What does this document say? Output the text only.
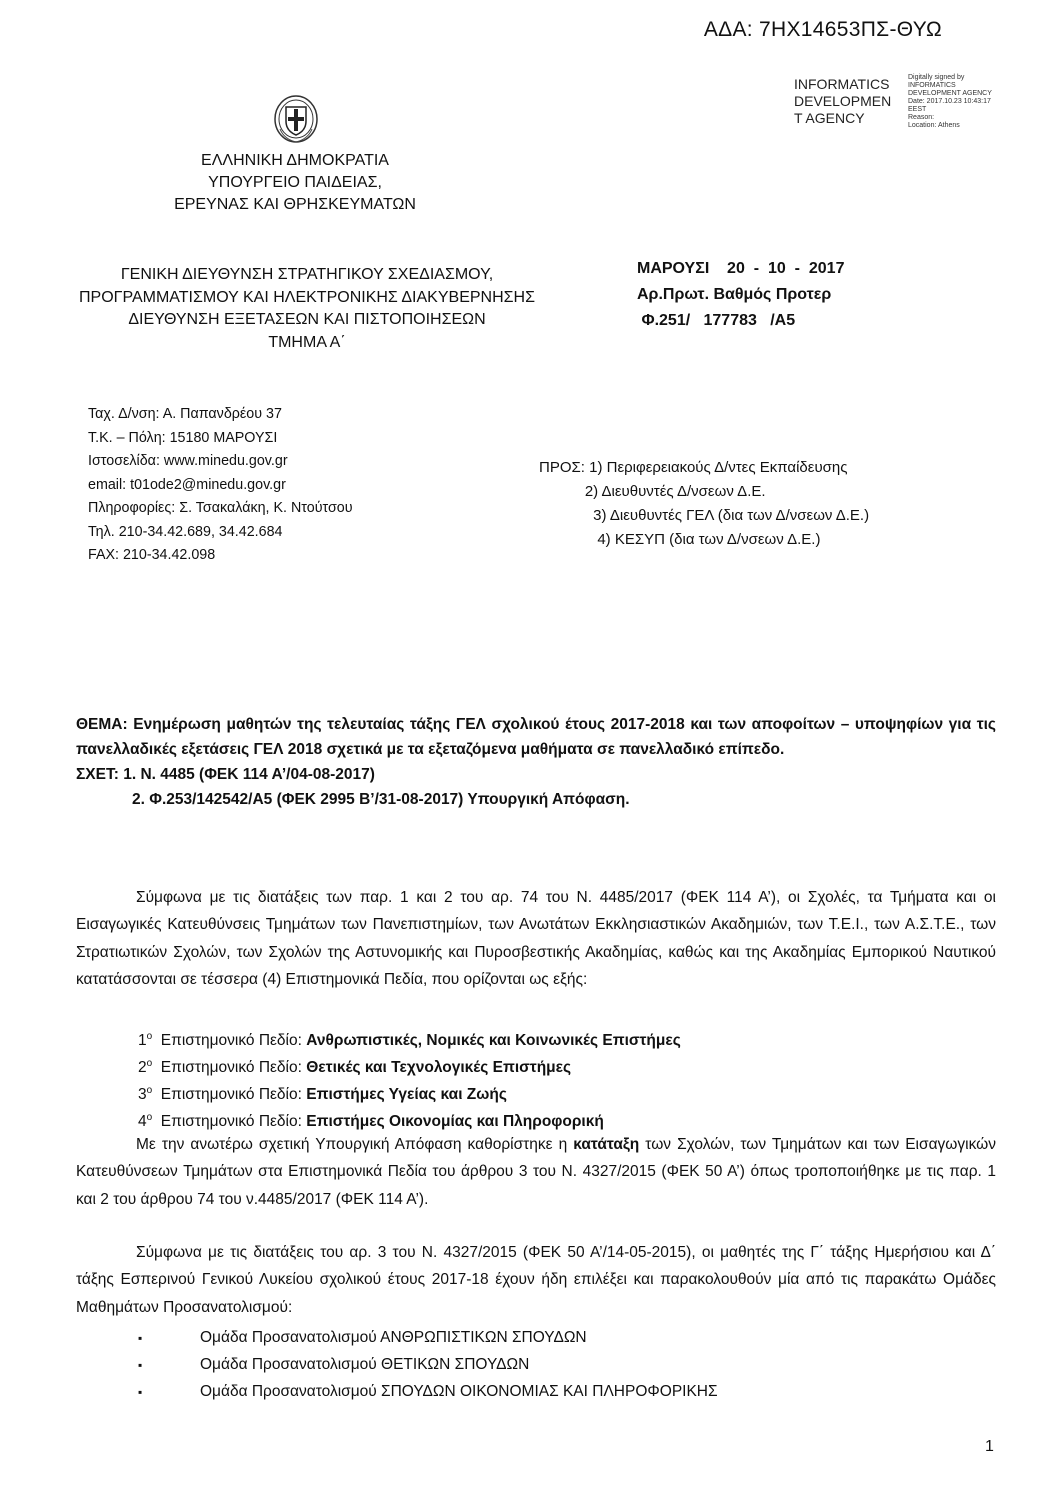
ΑΔΑ: 7ΗΧ14653ΠΣ-ΘΥΩ
INFORMATICS
DEVELOPMEN
T AGENCY
Digitally signed by
INFORMATICS
DEVELOPMENT AGENCY
Date: 2017.10.23 10:43:17
EEST
Reason:
Location: Athens
ΕΛΛΗΝΙΚΗ ΔΗΜΟΚΡΑΤΙΑ
ΥΠΟΥΡΓΕΙΟ ΠΑΙΔΕΙΑΣ,
ΕΡΕΥΝΑΣ ΚΑΙ ΘΡΗΣΚΕΥΜΑΤΩΝ
ΓΕΝΙΚΗ ΔΙΕΥΘΥΝΣΗ ΣΤΡΑΤΗΓΙΚΟΥ ΣΧΕΔΙΑΣΜΟΥ,
ΠΡΟΓΡΑΜΜΑΤΙΣΜΟΥ ΚΑΙ ΗΛΕΚΤΡΟΝΙΚΗΣ ΔΙΑΚΥΒΕΡΝΗΣΗΣ
ΔΙΕΥΘΥΝΣΗ ΕΞΕΤΑΣΕΩΝ ΚΑΙ ΠΙΣΤΟΠΟΙΗΣΕΩΝ
ΤΜΗΜΑ Α΄
ΜΑΡΟΥΣΙ    20  -  10  -  2017
Αρ.Πρωτ. Βαθμός Προτερ
Φ.251/   177783   /Α5
Ταχ. Δ/νση: Α. Παπανδρέου 37
Τ.Κ. – Πόλη: 15180 ΜΑΡΟΥΣΙ
Ιστοσελίδα: www.minedu.gov.gr
email: t01ode2@minedu.gov.gr
Πληροφορίες: Σ. Τσακαλάκη, Κ. Ντούτσου
Τηλ. 210-34.42.689, 34.42.684
FAX: 210-34.42.098
ΠΡΟΣ: 1) Περιφερειακούς Δ/ντες Εκπαίδευσης
2) Διευθυντές Δ/νσεων Δ.Ε.
3) Διευθυντές ΓΕΛ (δια των Δ/νσεων Δ.Ε.)
4) ΚΕΣΥΠ (δια των Δ/νσεων Δ.Ε.)
ΘΕΜΑ: Ενημέρωση μαθητών της τελευταίας τάξης ΓΕΛ σχολικού έτους 2017-2018 και των αποφοίτων – υποψηφίων για τις πανελλαδικές εξετάσεις ΓΕΛ 2018 σχετικά με τα εξεταζόμενα μαθήματα σε πανελλαδικό επίπεδο.
ΣΧΕΤ: 1. Ν. 4485 (ΦΕΚ 114 Α’/04-08-2017)
2. Φ.253/142542/Α5 (ΦΕΚ 2995 Β’/31-08-2017) Υπουργική Απόφαση.
Σύμφωνα με τις διατάξεις των παρ. 1 και 2 του αρ. 74 του Ν. 4485/2017 (ΦΕΚ 114 Α’), οι Σχολές, τα Τμήματα και οι Εισαγωγικές Κατευθύνσεις Τμημάτων των Πανεπιστημίων, των Ανωτάτων Εκκλησιαστικών Ακαδημιών, των Τ.Ε.Ι., των Α.Σ.Τ.Ε., των Στρατιωτικών Σχολών, των Σχολών της Αστυνομικής και Πυροσβεστικής Ακαδημίας, καθώς και της Ακαδημίας Εμπορικού Ναυτικού κατατάσσονται σε τέσσερα (4) Επιστημονικά Πεδία, που ορίζονται ως εξής:
$1^o$  Επιστημονικό Πεδίο: Ανθρωπιστικές, Νομικές και Κοινωνικές Επιστήμες
$2^o$  Επιστημονικό Πεδίο: Θετικές και Τεχνολογικές Επιστήμες
$3^o$  Επιστημονικό Πεδίο: Επιστήμες Υγείας και Ζωής
$4^o$  Επιστημονικό Πεδίο: Επιστήμες Οικονομίας και Πληροφορική
Με την ανωτέρω σχετική Υπουργική Απόφαση καθορίστηκε η κατάταξη των Σχολών, των Τμημάτων και των Εισαγωγικών Κατευθύνσεων Τμημάτων στα Επιστημονικά Πεδία του άρθρου 3 του Ν. 4327/2015 (ΦΕΚ 50 Α’) όπως τροποποιήθηκε με τις παρ. 1 και 2 του άρθρου 74 του ν.4485/2017 (ΦΕΚ 114 Α’).
Σύμφωνα με τις διατάξεις του αρ. 3 του Ν. 4327/2015 (ΦΕΚ 50 Α’/14-05-2015), οι μαθητές της Γ΄ τάξης Ημερήσιου και Δ΄ τάξης Εσπερινού Γενικού Λυκείου σχολικού έτους 2017-18 έχουν ήδη επιλέξει και παρακολουθούν μία από τις παρακάτω Ομάδες Μαθημάτων Προσανατολισμού:
▪	Ομάδα Προσανατολισμού ΑΝΘΡΩΠΙΣΤΙΚΩΝ ΣΠΟΥΔΩΝ
▪	Ομάδα Προσανατολισμού ΘΕΤΙΚΩΝ ΣΠΟΥΔΩΝ
▪	Ομάδα Προσανατολισμού ΣΠΟΥΔΩΝ ΟΙΚΟΝΟΜΙΑΣ ΚΑΙ ΠΛΗΡΟΦΟΡΙΚΗΣ
1
